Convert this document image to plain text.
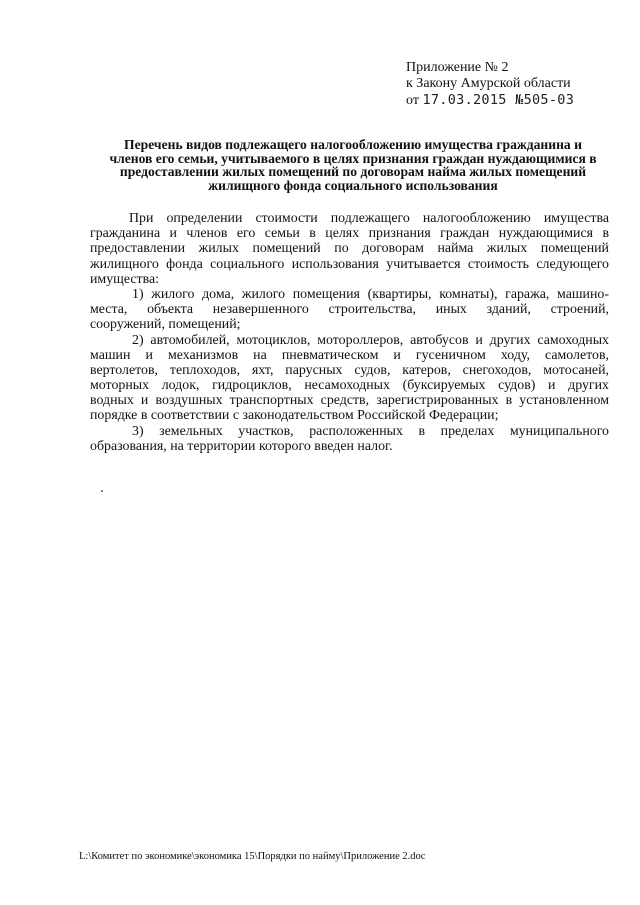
Приложение № 2
к Закону Амурской области
от 17.03.2015 №505-03
Перечень видов подлежащего налогообложению имущества гражданина и
членов его семьи, учитываемого в целях признания граждан нуждающимися в
предоставлении жилых помещений по договорам найма жилых помещений
жилищного фонда социального использования
При определении стоимости подлежащего налогообложению имущества
гражданина и членов его семьи в целях признания граждан нуждающимися в
предоставлении жилых помещений по договорам найма жилых помещений
жилищного фонда социального использования учитывается стоимость следующего
имущества:
1) жилого дома, жилого помещения (квартиры, комнаты), гаража, машино-
места, объекта незавершенного строительства, иных зданий, строений,
сооружений, помещений;
2) автомобилей, мотоциклов, мотороллеров, автобусов и других самоходных
машин и механизмов на пневматическом и гусеничном ходу, самолетов,
вертолетов, теплоходов, яхт, парусных судов, катеров, снегоходов, мотосаней,
моторных лодок, гидроциклов, несамоходных (буксируемых судов) и других
водных и воздушных транспортных средств, зарегистрированных в установленном
порядке в соответствии с законодательством Российской Федерации;
3) земельных участков, расположенных в пределах муниципального
образования, на территории которого введен налог.
L:\Комитет по экономике\экономика 15\Порядки по найму\Приложение 2.doc
